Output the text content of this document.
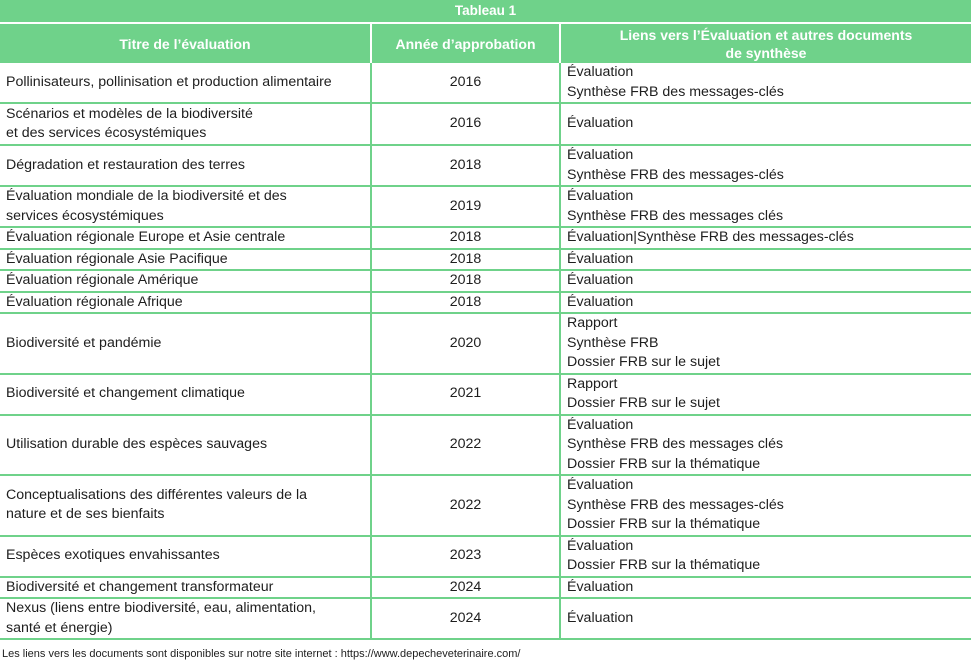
Tableau 1		
Titre de l’évaluation	Année d’approbation	Liens vers l’Évaluation et autres documents
de synthèse

Pollinisateurs, pollinisation et production alimentaire	2016	Évaluation
Synthèse FRB des messages-clés

Scénarios et modèles de la biodiversité
et des services écosystémiques	2016	Évaluation

Dégradation et restauration des terres	2018	Évaluation
Synthèse FRB des messages-clés

Évaluation mondiale de la biodiversité et des
services écosystémiques	2019	Évaluation
Synthèse FRB des messages clés

Évaluation régionale Europe et Asie centrale	2018	Évaluation|Synthèse FRB des messages-clés

Évaluation régionale Asie Pacifique	2018	Évaluation

Évaluation régionale Amérique	2018	Évaluation

Évaluation régionale Afrique	2018	Évaluation

Biodiversité et pandémie	2020	Rapport
Synthèse FRB
Dossier FRB sur le sujet

Biodiversité et changement climatique	2021	Rapport
Dossier FRB sur le sujet

Utilisation durable des espèces sauvages	2022	Évaluation
Synthèse FRB des messages clés
Dossier FRB sur la thématique

Conceptualisations des différentes valeurs de la
nature et de ses bienfaits	2022	Évaluation
Synthèse FRB des messages-clés
Dossier FRB sur la thématique

Espèces exotiques envahissantes	2023	Évaluation
Dossier FRB sur la thématique

Biodiversité et changement transformateur	2024	Évaluation

Nexus (liens entre biodiversité, eau, alimentation,
santé et énergie)	2024	Évaluation
Les liens vers les documents sont disponibles sur notre site internet : https://www.depecheveterinaire.com/
